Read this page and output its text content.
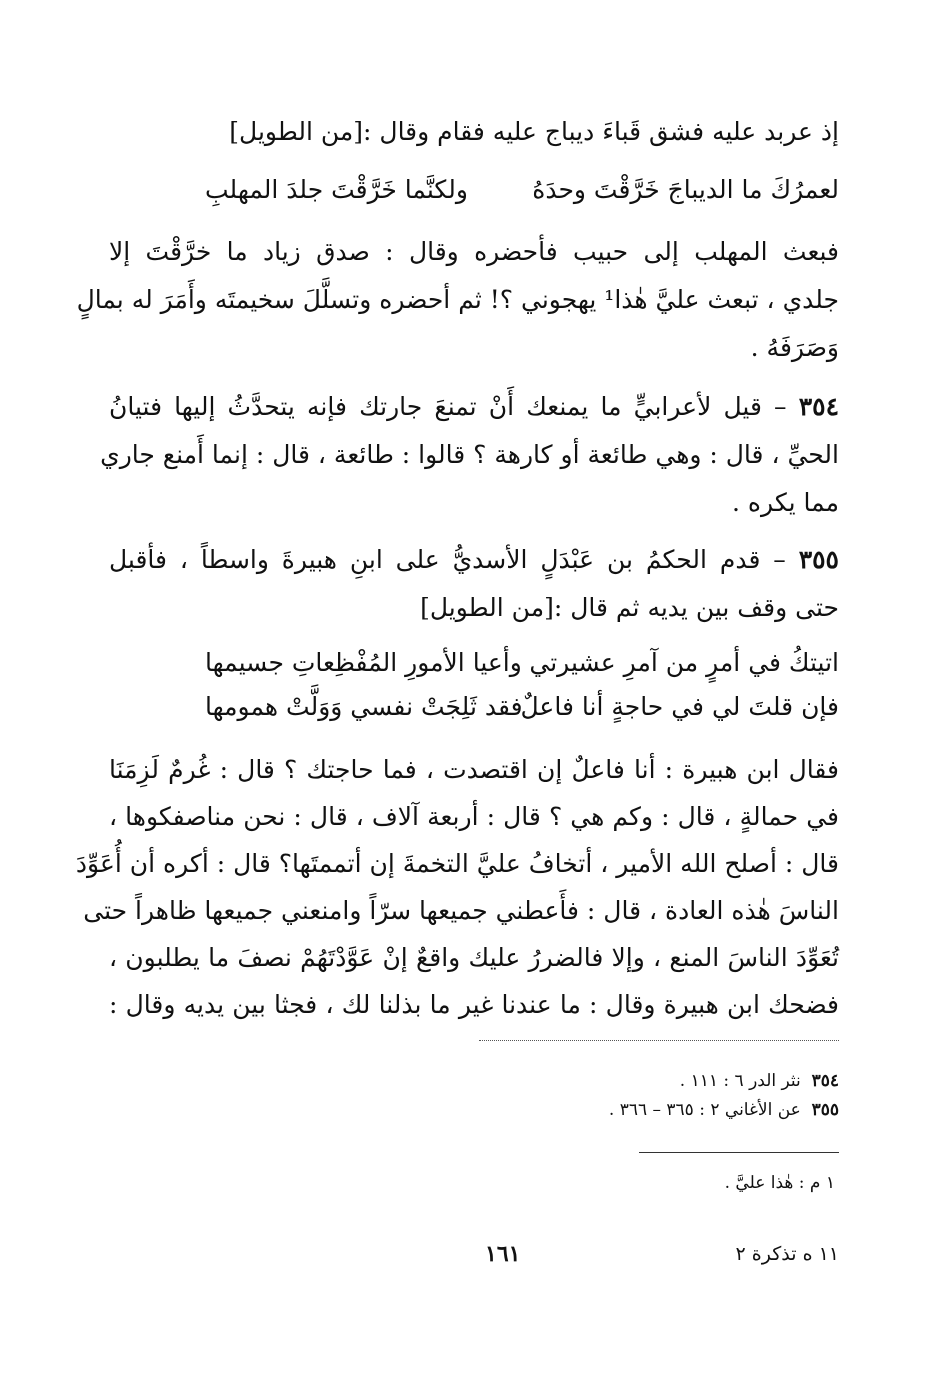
إذ عربد عليه فشق قَباءَ ديباج عليه فقام وقال :[من الطويل]
لعمرُكَ ما الديباجَ خَرَّقْتَ وحدَهُ
ولكنَّما خَرَّقْتَ جلدَ المهلبِ
فبعث المهلب إلى حبيب فأحضره وقال : صدق زياد ما خرَّقْتَ إلا
جلدي ، تبعث عليَّ هٰذا¹ يهجوني ؟! ثم أحضره وتسلَّلَ سخيمتَه وأَمَرَ له بمالٍ
وَصَرَفَهُ .
٣٥٤ – قيل لأعرابيٍّ ما يمنعك أَنْ تمنعَ جارتك فإنه يتحدَّثُ إليها فتيانُ
الحيِّ ، قال : وهي طائعة أو كارهة ؟ قالوا : طائعة ، قال : إنما أَمنع جاري
مما يكره .
٣٥٥ – قدم الحكمُ بن عَبْدَلٍ الأسديُّ على ابنِ هبيرةَ واسطاً ، فأقبل
حتى وقف بين يديه ثم قال :[من الطويل]
اتيتكُ في أمرٍ من آمرِ عشيرتي
وأعيا الأمورِ المُفْظِعاتِ جسيمها
فإن قلتَ لي في حاجةٍ أنا فاعلٌ
فقد ثَلِجَتْ نفسي وَوَلَّتْ همومها
فقال ابن هبيرة : أنا فاعلٌ إن اقتصدت ، فما حاجتك ؟ قال : غُرمٌ لَزِمَنَا
في حمالةٍ ، قال : وكم هي ؟ قال : أربعة آلاف ، قال : نحن مناصفكوها ،
قال : أصلح الله الأمير ، أتخافُ عليَّ التخمةَ إن أتممتَها؟ قال : أكره أن أُعَوِّدَ
الناسَ هٰذه العادة ، قال : فأَعطني جميعها سرّاً وامنعني جميعها ظاهراً حتى
تُعَوِّدَ الناسَ المنع ، وإلا فالضررُ عليك واقعٌ إنْ عَوَّدْتَهُمْ نصفَ ما يطلبون ،
فضحك ابن هبيرة وقال : ما عندنا غير ما بذلنا لك ، فجثا بين يديه وقال :
٣٥٤  نثر الدر ٦ : ١١١ .
٣٥٥  عن الأغاني ٢ : ٣٦٥ – ٣٦٦ .
١ م : هٰذا عليَّ .
١٦١	١١ ه تذكرة ٢
